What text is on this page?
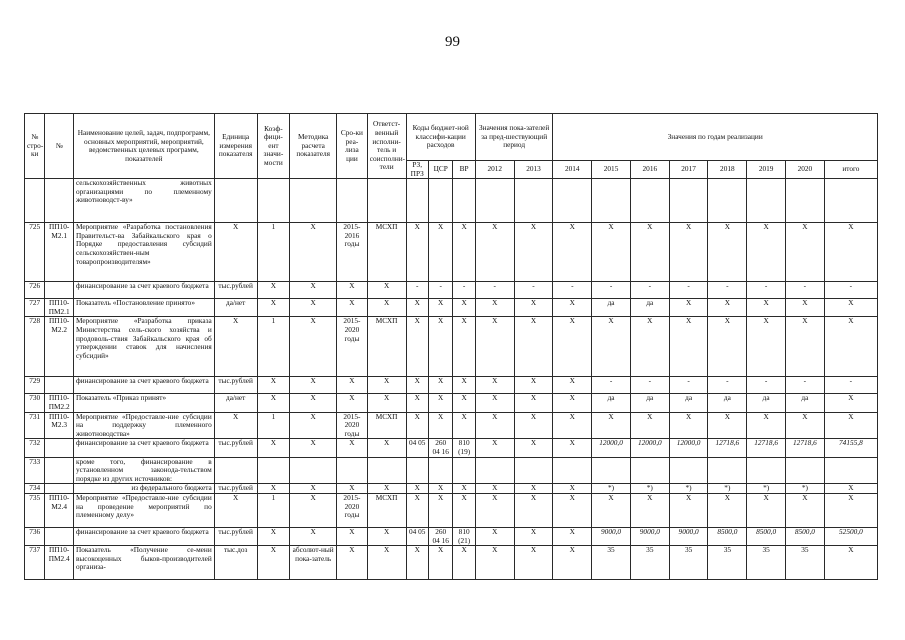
99
№ стро-ки	№	Наименование целей, задач, подпрограмм, основных мероприятий, мероприятий, ведомственных целевых программ, показателей	Единица измерения показателя	Коэф-фици-ент значи-мости	Методика расчета показателя	Сро-ки реа-лиза ции	Ответст-венный исполни-тель и соисполни-тели	Коды бюджет-ной классифи-кации расходов			Значения пока-зателей за пред-шествующий период		Значения по годам реализации							
								РЗ, ПРЗ	ЦСР	ВР	2012	2013	2014	2015	2016	2017	2018	2019	2020	итого
		сельскохозяйственных животных организациями по племенному животноводст-ву»																		
725	ПП10-М2.1	Мероприятие «Разработка постановления Правительст-ва Забайкальского края о Порядке предоставления субсидий сельскохозяйствен-ным товаропроизводителям»	Х	1	Х	2015-2016 годы	МСХП	Х	Х	Х	Х	Х	Х	Х	Х	Х	Х	Х	Х	Х
726		финансирование за счет краевого бюджета	тыс.рублей	Х	Х	Х	Х	-	-	-	-	-	-	-	-	-	-	-	-	-
727	ПП10-ПМ2.1	Показатель «Постановление принято»	да/нет	Х	Х	Х	Х	Х	Х	Х	Х	Х	Х	да	да	Х	Х	Х	Х	Х
728	ПП10-М2.2	Мероприятие «Разработка приказа Министерства сель-ского хозяйства и продоволь-ствия Забайкальского края об утверждении ставок для начисления субсидий»	Х	1	Х	2015-2020 годы	МСХП	Х	Х	Х	Х	Х	Х	Х	Х	Х	Х	Х	Х	Х
729		финансирование за счет краевого бюджета	тыс.рублей	Х	Х	Х	Х	Х	Х	Х	Х	Х	Х	-	-	-	-	-	-	-
730	ПП10-ПМ2.2	Показатель «Приказ принят»	да/нет	Х	Х	Х	Х	Х	Х	Х	Х	Х	Х	да	да	да	да	да	да	Х
731	ПП10-М2.3	Мероприятие «Предоставле-ние субсидии на поддержку племенного животноводства»	Х	1	Х	2015-2020 годы	МСХП	Х	Х	Х	Х	Х	Х	Х	Х	Х	Х	Х	Х	Х
732		финансирование за счет краевого бюджета	тыс.рублей	Х	Х	Х	Х	04 05	260 04 16	810 (19)	Х	Х	Х	12000,0	12000,0	12000,0	12718,6	12718,6	12718,6	74155,8
733		кроме того, финансирование в установленном законода-тельством порядке из других источников:																		
734		из федерального бюджета	тыс.рублей	Х	Х	Х	Х	Х	Х	Х	Х	Х	Х	*)	*)	*)	*)	*)	*)	Х
735	ПП10-М2.4	Мероприятие «Предоставле-ние субсидии на проведение мероприятий по племенному делу»	Х	1	Х	2015-2020 годы	МСХП	Х	Х	Х	Х	Х	Х	Х	Х	Х	Х	Х	Х	Х
736		финансирование за счет краевого бюджета	тыс.рублей	Х	Х	Х	Х	04 05	260 04 16	810 (21)	Х	Х	Х	9000,0	9000,0	9000,0	8500,0	8500,0	8500,0	52500,0
737	ПП10-ПМ2.4	Показатель «Получение се-мени высокоценных быков-производителей организа-	тыс.доз	Х	абсолют-ный пока-затель	Х	Х	Х	Х	Х	Х	Х	Х	35	35	35	35	35	35	Х
